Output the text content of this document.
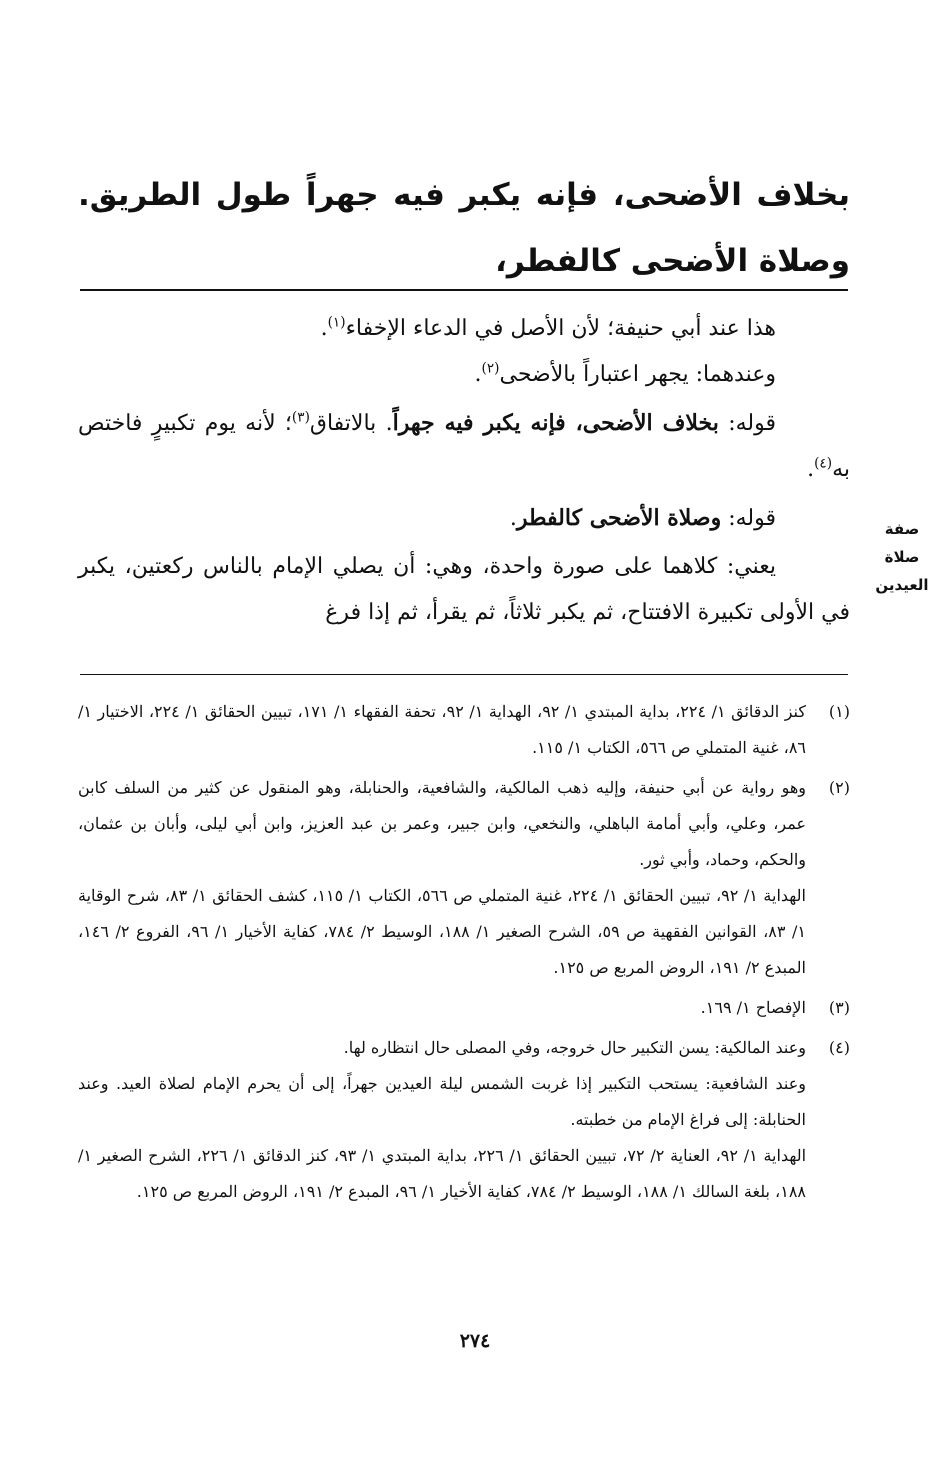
بخلاف الأضحى، فإنه يكبر فيه جهراً طول الطريق. وصلاة الأضحى كالفطر،

هذا عند أبي حنيفة؛ لأن الأصل في الدعاء الإخفاء$^{(١)}$.

وعندهما: يجهر اعتباراً بالأضحى$^{(٢)}$.

قوله: بخلاف الأضحى، فإنه يكبر فيه جهراً. بالاتفاق$^{(٣)}$؛ لأنه يوم تكبيرٍ فاختص به$^{(٤)}$.

قوله: وصلاة الأضحى كالفطر.

يعني: كلاهما على صورة واحدة، وهي: أن يصلي الإمام بالناس ركعتين، يكبر في الأولى تكبيرة الافتتاح، ثم يكبر ثلاثاً، ثم يقرأ، ثم إذا فرغ

صفة
صلاة
العيدين
(١)

كنز الدقائق ١/ ٢٢٤، بداية المبتدي ١/ ٩٢، الهداية ١/ ٩٢، تحفة الفقهاء ١/ ١٧١، تبيين الحقائق ١/ ٢٢٤، الاختيار ١/ ٨٦، غنية المتملي ص ٥٦٦، الكتاب ١/ ١١٥.

(٢)

وهو رواية عن أبي حنيفة، وإليه ذهب المالكية، والشافعية، والحنابلة، وهو المنقول عن كثير من السلف كابن عمر، وعلي، وأبي أمامة الباهلي، والنخعي، وابن جبير، وعمر بن عبد العزيز، وابن أبي ليلى، وأبان بن عثمان، والحكم، وحماد، وأبي ثور.

الهداية ١/ ٩٢، تبيين الحقائق ١/ ٢٢٤، غنية المتملي ص ٥٦٦، الكتاب ١/ ١١٥، كشف الحقائق ١/ ٨٣، شرح الوقاية ١/ ٨٣، القوانين الفقهية ص ٥٩، الشرح الصغير ١/ ١٨٨، الوسيط ٢/ ٧٨٤، كفاية الأخيار ١/ ٩٦، الفروع ٢/ ١٤٦، المبدع ٢/ ١٩١، الروض المربع ص ١٢٥.

(٣)

الإفصاح ١/ ١٦٩.

(٤)

وعند المالكية: يسن التكبير حال خروجه، وفي المصلى حال انتظاره لها.

وعند الشافعية: يستحب التكبير إذا غربت الشمس ليلة العيدين جهراً، إلى أن يحرم الإمام لصلاة العيد. وعند الحنابلة: إلى فراغ الإمام من خطبته.

الهداية ١/ ٩٢، العناية ٢/ ٧٢، تبيين الحقائق ١/ ٢٢٦، بداية المبتدي ١/ ٩٣، كنز الدقائق ١/ ٢٢٦، الشرح الصغير ١/ ١٨٨، بلغة السالك ١/ ١٨٨، الوسيط ٢/ ٧٨٤، كفاية الأخيار ١/ ٩٦، المبدع ٢/ ١٩١، الروض المربع ص ١٢٥.

٢٧٤
